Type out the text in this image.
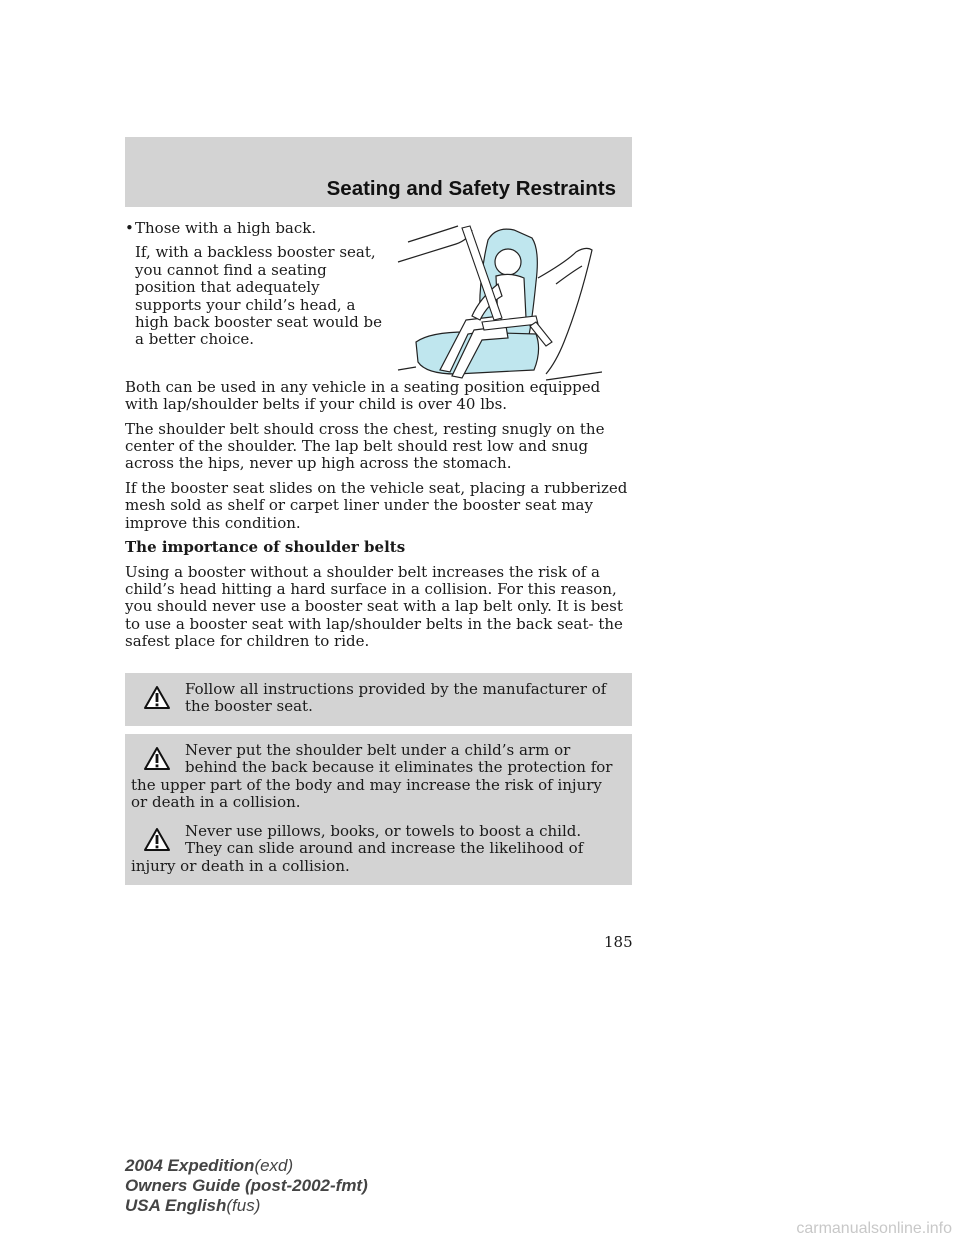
Seating and Safety Restraints
• Those with a high back.
If, with a backless booster seat, you cannot find a seating position that adequately supports your child’s head, a high back booster seat would be a better choice.

Both can be used in any vehicle in a seating position equipped with lap/shoulder belts if your child is over 40 lbs.

The shoulder belt should cross the chest, resting snugly on the center of the shoulder. The lap belt should rest low and snug across the hips, never up high across the stomach.

If the booster seat slides on the vehicle seat, placing a rubberized mesh sold as shelf or carpet liner under the booster seat may improve this condition.

The importance of shoulder belts

Using a booster without a shoulder belt increases the risk of a child’s head hitting a hard surface in a collision. For this reason, you should never use a booster seat with a lap belt only. It is best to use a booster seat with lap/shoulder belts in the back seat- the safest place for children to ride.

Follow all instructions provided by the manufacturer of the booster seat.
Never put the shoulder belt under a child’s arm or behind the back because it eliminates the protection for the upper part of the body and may increase the risk of injury or death in a collision.
Never use pillows, books, or towels to boost a child. They can slide around and increase the likelihood of injury or death in a collision.
185
2004 Expedition(exd)
Owners Guide (post-2002-fmt)
USA English(fus)
carmanualsonline.info
